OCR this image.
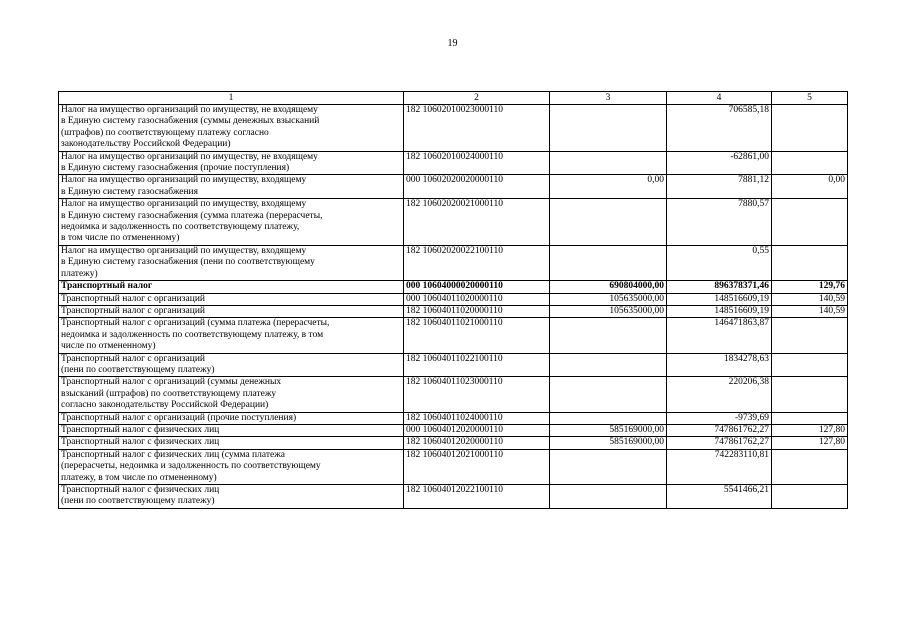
19
1	2	3	4	5

Налог на имущество организаций по имуществу, не входящему
в Единую систему газоснабжения (суммы денежных взысканий
(штрафов) по соответствующему платежу согласно
законодательству Российской Федерации)	182 10602010023000110		706585,18	

Налог на имущество организаций по имуществу, не входящему
в Единую систему газоснабжения (прочие поступления)	182 10602010024000110		-62861,00	

Налог на имущество организаций по имуществу, входящему
в Единую систему газоснабжения	000 10602020020000110	0,00	7881,12	0,00

Налог на имущество организаций по имуществу, входящему
в Единую систему газоснабжения (сумма платежа (перерасчеты,
недоимка и задолженность по соответствующему платежу,
в том числе по отмененному)	182 10602020021000110		7880,57	

Налог на имущество организаций по имуществу, входящему
в Единую систему газоснабжения (пени по соответствующему
платежу)	182 10602020022100110		0,55	

Транспортный налог	000 10604000020000110	690804000,00	896378371,46	129,76

Транспортный налог с организаций	000 10604011020000110	105635000,00	148516609,19	140,59

Транспортный налог с организаций	182 10604011020000110	105635000,00	148516609,19	140,59

Транспортный налог с организаций (сумма платежа (перерасчеты,
недоимка и задолженность по соответствующему платежу, в том
числе по отмененному)	182 10604011021000110		146471863,87	

Транспортный налог с организаций
(пени по соответствующему платежу)	182 10604011022100110		1834278,63	

Транспортный налог с организаций (суммы денежных
взысканий (штрафов) по соответствующему платежу
согласно законодательству Российской Федерации)	182 10604011023000110		220206,38	

Транспортный налог с организаций (прочие поступления)	182 10604011024000110		-9739,69	

Транспортный налог с физических лиц	000 10604012020000110	585169000,00	747861762,27	127,80

Транспортный налог с физических лиц	182 10604012020000110	585169000,00	747861762,27	127,80

Транспортный налог с физических лиц (сумма платежа
(перерасчеты, недоимка и задолженность по соответствующему
платежу, в том числе по отмененному)	182 10604012021000110		742283110,81	

Транспортный налог с физических лиц
(пени по соответствующему платежу)	182 10604012022100110		5541466,21	
